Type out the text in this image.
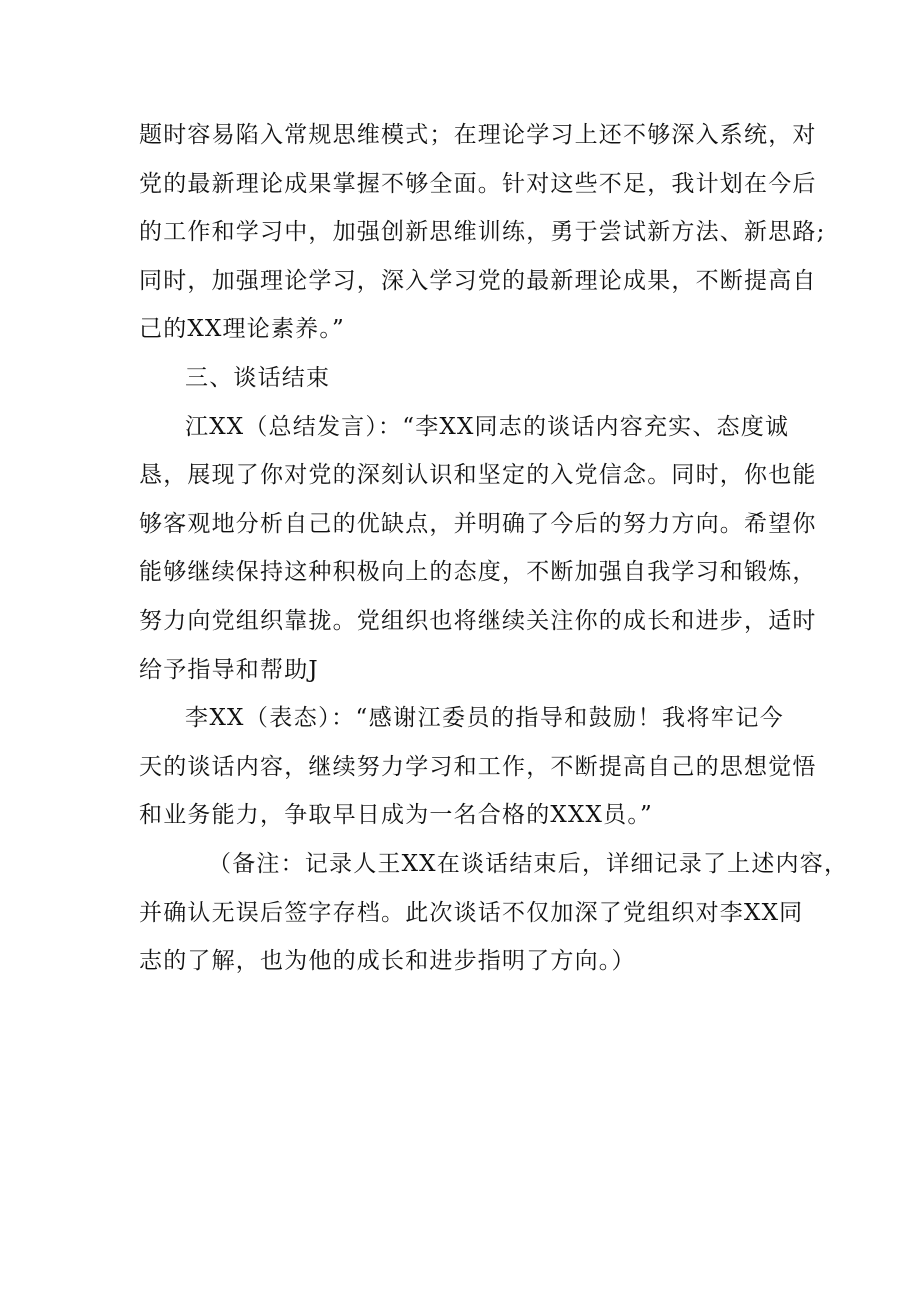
题时容易陷入常规思维模式；在理论学习上还不够深入系统，对
党的最新理论成果掌握不够全面。针对这些不足，我计划在今后
的工作和学习中，加强创新思维训练，勇于尝试新方法、新思路;
同时，加强理论学习，深入学习党的最新理论成果，不断提高自
己的XX理论素养。”
三、谈话结束
江XX（总结发言）：“李XX同志的谈话内容充实、态度诚
恳，展现了你对党的深刻认识和坚定的入党信念。同时，你也能
够客观地分析自己的优缺点，并明确了今后的努力方向。希望你
能够继续保持这种积极向上的态度，不断加强自我学习和锻炼，
努力向党组织靠拢。党组织也将继续关注你的成长和进步，适时
给予指导和帮助J
李XX（表态）：“感谢江委员的指导和鼓励！我将牢记今
天的谈话内容，继续努力学习和工作，不断提高自己的思想觉悟
和业务能力，争取早日成为一名合格的XXX员。”
（备注：记录人王XX在谈话结束后，详细记录了上述内容，
并确认无误后签字存档。此次谈话不仅加深了党组织对李XX同
志的了解，也为他的成长和进步指明了方向。）
